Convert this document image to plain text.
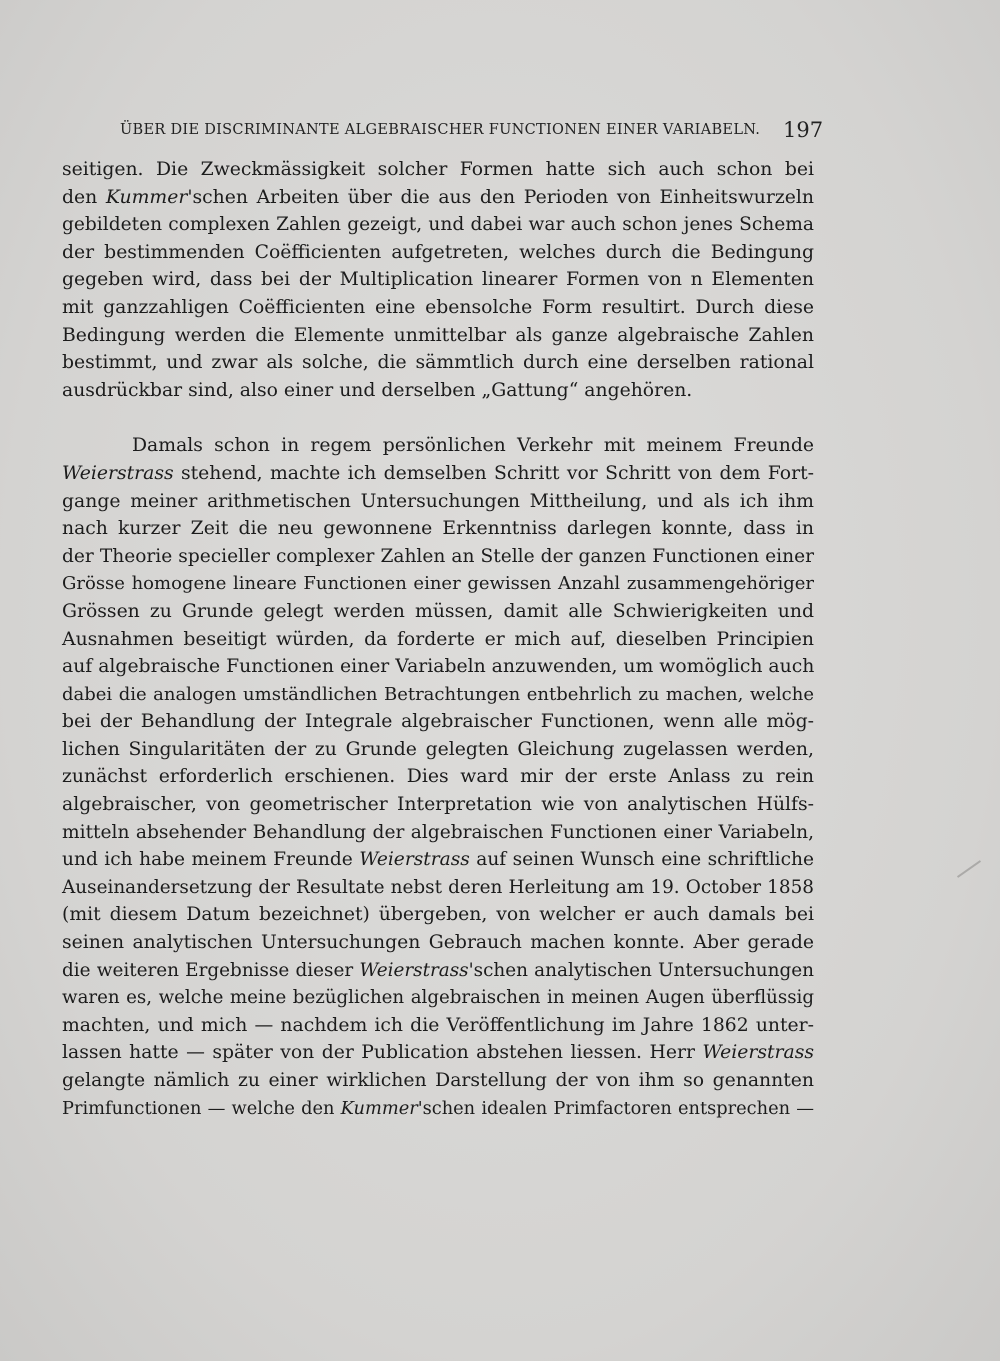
ÜBER DIE DISCRIMINANTE ALGEBRAISCHER FUNCTIONEN EINER VARIABELN. 197
seitigen. Die Zweckmässigkeit solcher Formen hatte sich auch schon bei
den Kummer'schen Arbeiten über die aus den Perioden von Einheitswurzeln
gebildeten complexen Zahlen gezeigt, und dabei war auch schon jenes Schema
der bestimmenden Coëfficienten aufgetreten, welches durch die Bedingung
gegeben wird, dass bei der Multiplication linearer Formen von n Elementen
mit ganzzahligen Coëfficienten eine ebensolche Form resultirt. Durch diese
Bedingung werden die Elemente unmittelbar als ganze algebraische Zahlen
bestimmt, und zwar als solche, die sämmtlich durch eine derselben rational
ausdrückbar sind, also einer und derselben „Gattung“ angehören.
Damals schon in regem persönlichen Verkehr mit meinem Freunde
Weierstrass stehend, machte ich demselben Schritt vor Schritt von dem Fort-
gange meiner arithmetischen Untersuchungen Mittheilung, und als ich ihm
nach kurzer Zeit die neu gewonnene Erkenntniss darlegen konnte, dass in
der Theorie specieller complexer Zahlen an Stelle der ganzen Functionen einer
Grösse homogene lineare Functionen einer gewissen Anzahl zusammengehöriger
Grössen zu Grunde gelegt werden müssen, damit alle Schwierigkeiten und
Ausnahmen beseitigt würden, da forderte er mich auf, dieselben Principien
auf algebraische Functionen einer Variabeln anzuwenden, um womöglich auch
dabei die analogen umständlichen Betrachtungen entbehrlich zu machen, welche
bei der Behandlung der Integrale algebraischer Functionen, wenn alle mög-
lichen Singularitäten der zu Grunde gelegten Gleichung zugelassen werden,
zunächst erforderlich erschienen. Dies ward mir der erste Anlass zu rein
algebraischer, von geometrischer Interpretation wie von analytischen Hülfs-
mitteln absehender Behandlung der algebraischen Functionen einer Variabeln,
und ich habe meinem Freunde Weierstrass auf seinen Wunsch eine schriftliche
Auseinandersetzung der Resultate nebst deren Herleitung am 19. October 1858
(mit diesem Datum bezeichnet) übergeben, von welcher er auch damals bei
seinen analytischen Untersuchungen Gebrauch machen konnte. Aber gerade
die weiteren Ergebnisse dieser Weierstrass'schen analytischen Untersuchungen
waren es, welche meine bezüglichen algebraischen in meinen Augen überflüssig
machten, und mich — nachdem ich die Veröffentlichung im Jahre 1862 unter-
lassen hatte — später von der Publication abstehen liessen. Herr Weierstrass
gelangte nämlich zu einer wirklichen Darstellung der von ihm so genannten
Primfunctionen — welche den Kummer'schen idealen Primfactoren entsprechen —
